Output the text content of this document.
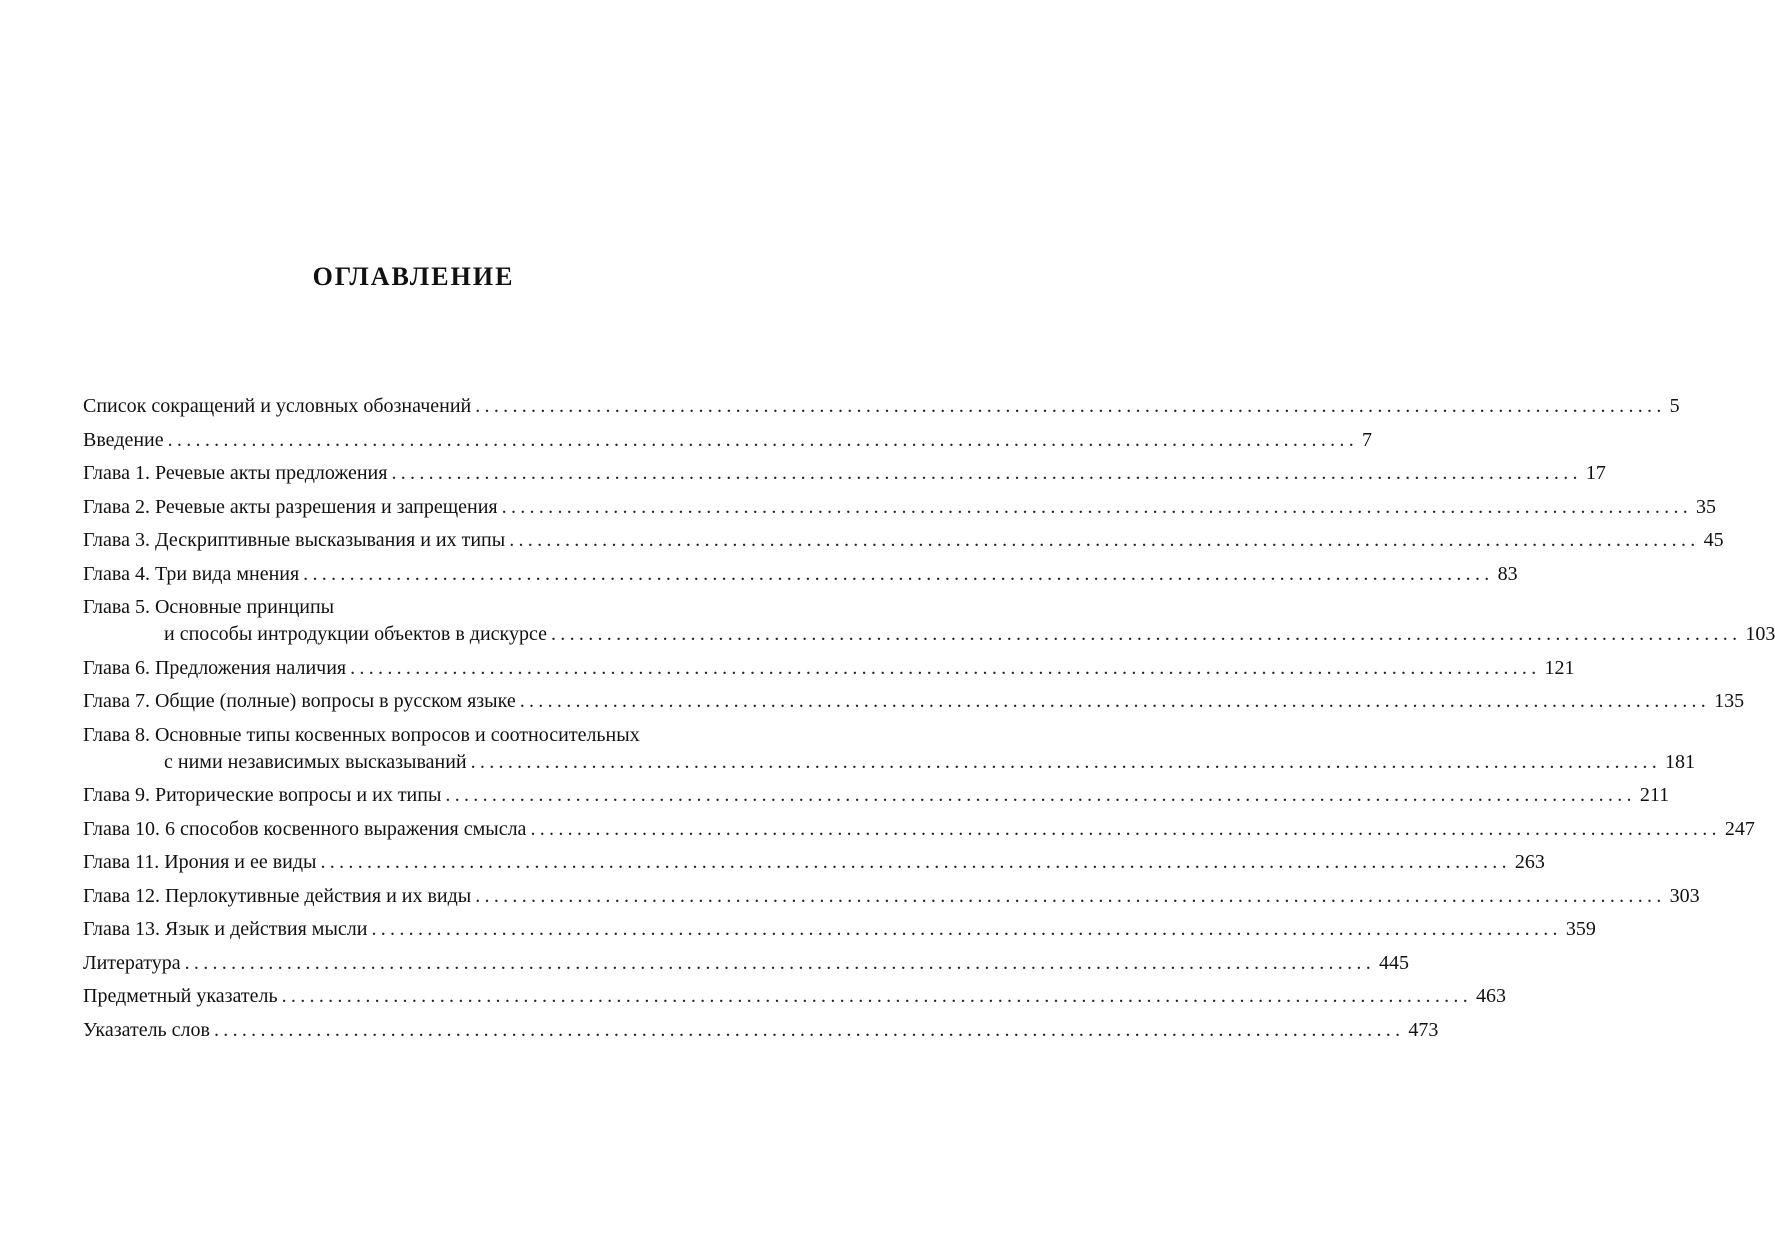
ОГЛАВЛЕНИЕ
Список сокращений и условных обозначений ................................................................................................................................ 5
Введение ................................................................................................................................ 7
Глава 1. Речевые акты предложения ................................................................................................................................ 17
Глава 2. Речевые акты разрешения и запрещения ................................................................................................................................ 35
Глава 3. Дескриптивные высказывания и их типы ................................................................................................................................ 45
Глава 4. Три вида мнения ................................................................................................................................ 83
Глава 5. Основные принципы
и способы интродукции объектов в дискурсе ................................................................................................................................ 103
Глава 6. Предложения наличия ................................................................................................................................ 121
Глава 7. Общие (полные) вопросы в русском языке ................................................................................................................................ 135
Глава 8. Основные типы косвенных вопросов и соотносительных
с ними независимых высказываний ................................................................................................................................ 181
Глава 9. Риторические вопросы и их типы ................................................................................................................................ 211
Глава 10. 6 способов косвенного выражения смысла ................................................................................................................................ 247
Глава 11. Ирония и ее виды ................................................................................................................................ 263
Глава 12. Перлокутивные действия и их виды ................................................................................................................................ 303
Глава 13. Язык и действия мысли ................................................................................................................................ 359
Литература ................................................................................................................................ 445
Предметный указатель ................................................................................................................................ 463
Указатель слов ................................................................................................................................ 473
